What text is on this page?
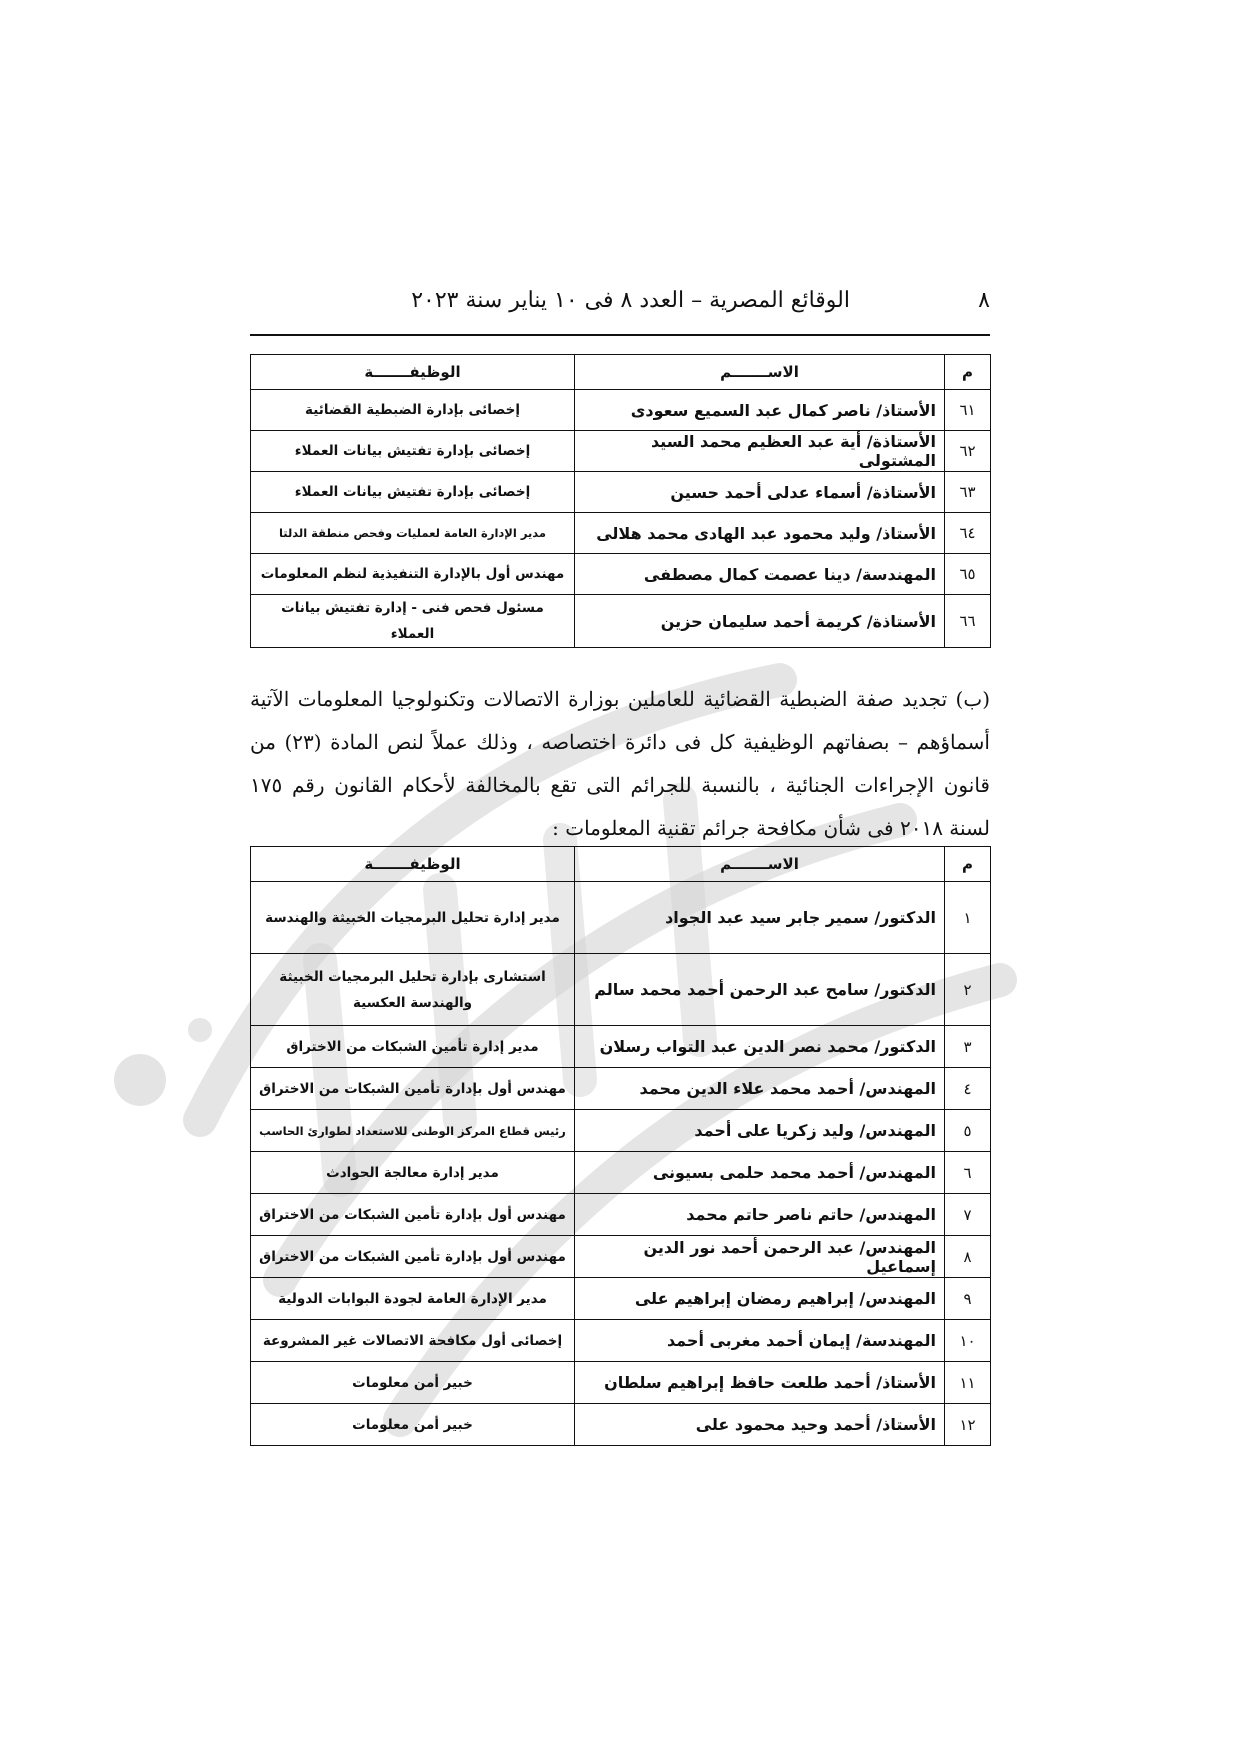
٨
الوقائع المصرية – العدد ٨ فى ١٠ يناير سنة ٢٠٢٣
م	الاســـــــم	الوظيفـــــــة
٦١	الأستاذ/ ناصر كمال عبد السميع سعودى	إخصائى بإدارة الضبطية القضائية
٦٢	الأستاذة/ أية عبد العظيم محمد السيد المشتولى	إخصائى بإدارة تفتيش بيانات العملاء
٦٣	الأستاذة/ أسماء عدلى أحمد حسين	إخصائى بإدارة تفتيش بيانات العملاء
٦٤	الأستاذ/ وليد محمود عبد الهادى محمد هلالى	مدير الإدارة العامة لعمليات وفحص منطقة الدلتا
٦٥	المهندسة/ دينا عصمت كمال مصطفى	مهندس أول بالإدارة التنفيذية لنظم المعلومات
٦٦	الأستاذة/ كريمة أحمد سليمان حزين	مسئول فحص فنى - إدارة تفتيش بيانات العملاء

(ب) تجديد صفة الضبطية القضائية للعاملين بوزارة الاتصالات وتكنولوجيا المعلومات الآتية أسماؤهم – بصفاتهم الوظيفية كل فى دائرة اختصاصه ، وذلك عملاً لنص المادة (٢٣) من قانون الإجراءات الجنائية ، بالنسبة للجرائم التى تقع بالمخالفة لأحكام القانون رقم ١٧٥ لسنة ٢٠١٨ فى شأن مكافحة جرائم تقنية المعلومات :

م	الاســـــــم	الوظيفـــــــة
١	الدكتور/ سمير جابر سيد عبد الجواد	مدير إدارة تحليل البرمجيات الخبيثة والهندسة
٢	الدكتور/ سامح عبد الرحمن أحمد محمد سالم	استشارى بإدارة تحليل البرمجيات الخبيثة والهندسة العكسية
٣	الدكتور/ محمد نصر الدين عبد التواب رسلان	مدير إدارة تأمين الشبكات من الاختراق
٤	المهندس/ أحمد محمد علاء الدين محمد	مهندس أول بإدارة تأمين الشبكات من الاختراق
٥	المهندس/ وليد زكريا على أحمد	رئيس قطاع المركز الوطنى للاستعداد لطوارئ الحاسب
٦	المهندس/ أحمد محمد حلمى بسيونى	مدير إدارة معالجة الحوادث
٧	المهندس/ حاتم ناصر حاتم محمد	مهندس أول بإدارة تأمين الشبكات من الاختراق
٨	المهندس/ عبد الرحمن أحمد نور الدين إسماعيل	مهندس أول بإدارة تأمين الشبكات من الاختراق
٩	المهندس/ إبراهيم رمضان إبراهيم على	مدير الإدارة العامة لجودة البوابات الدولية
١٠	المهندسة/ إيمان أحمد مغربى أحمد	إخصائى أول مكافحة الاتصالات غير المشروعة
١١	الأستاذ/ أحمد طلعت حافظ إبراهيم سلطان	خبير أمن معلومات
١٢	الأستاذ/ أحمد وحيد محمود على	خبير أمن معلومات
